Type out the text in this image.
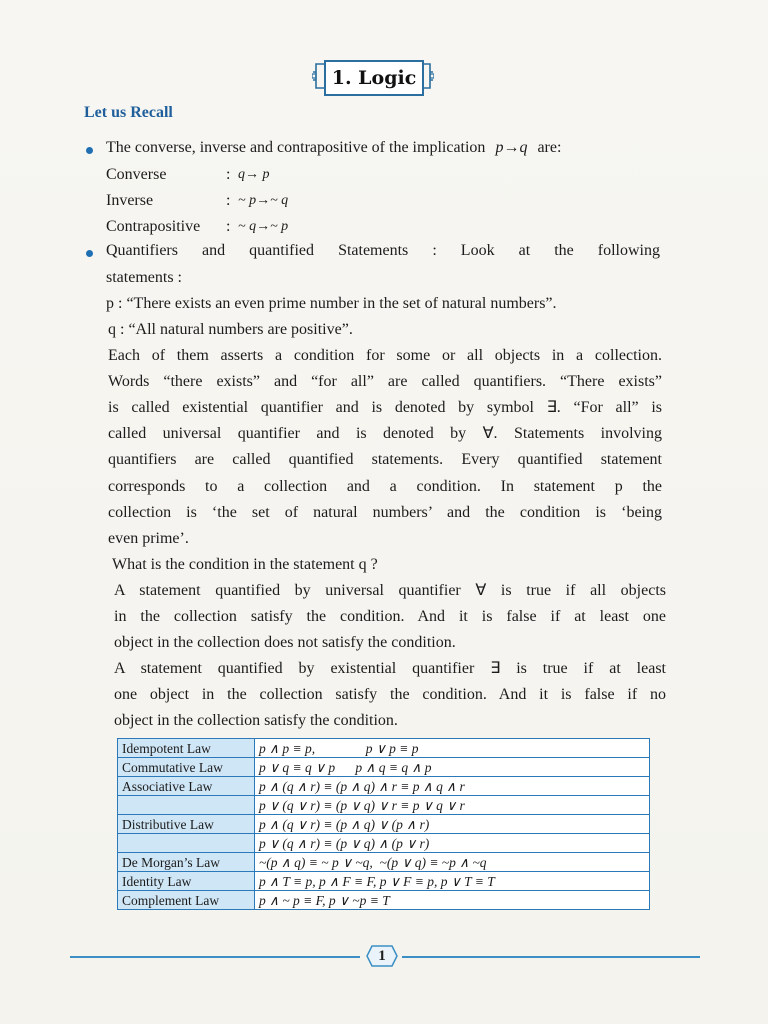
1. Logic
Let us Recall
The converse, inverse and contrapositive of the implication p→q are:
Converse	: q→ p
Inverse	: ~ p→~ q
Contrapositive : ~ q→~ p
Quantifiers and quantified Statements : Look at the following
statements :
p : “There exists an even prime number in the set of natural numbers”.
q : “All natural numbers are positive”.
Each of them asserts a condition for some or all objects in a collection.
Words “there exists” and “for all” are called quantifiers. “There exists”
is called existential quantifier and is denoted by symbol ∃. “For all” is
called universal quantifier and is denoted by ∀. Statements involving
quantifiers are called quantified statements. Every quantified statement
corresponds to a collection and a condition. In statement p the
collection is ‘the set of natural numbers’ and the condition is ‘being
even prime’.
What is the condition in the statement q ?
A statement quantified by universal quantifier ∀ is true if all objects
in the collection satisfy the condition. And it is false if at least one
object in the collection does not satisfy the condition.
A statement quantified by existential quantifier ∃ is true if at least
one object in the collection satisfy the condition. And it is false if no
object in the collection satisfy the condition.
Idempotent Law	p ∧ p ≡ p,               p ∨ p ≡ p
Commutative Law	p ∨ q ≡ q ∨ p      p ∧ q ≡ q ∧ p
Associative Law	p ∧ (q ∧ r) ≡ (p ∧ q) ∧ r ≡ p ∧ q ∧ r
	p ∨ (q ∨ r) ≡ (p ∨ q) ∨ r ≡ p ∨ q ∨ r
Distributive Law	p ∧ (q ∨ r) ≡ (p ∧ q) ∨ (p ∧ r)
	p ∨ (q ∧ r) ≡ (p ∨ q) ∧ (p ∨ r)
De Morgan’s Law	~(p ∧ q) ≡ ~ p ∨ ~q,  ~(p ∨ q) ≡ ~p ∧ ~q
Identity Law	p ∧ T ≡ p, p ∧ F ≡ F, p ∨ F ≡ p, p ∨ T ≡ T
Complement Law	p ∧ ~ p ≡ F, p ∨ ~p ≡ T
1
